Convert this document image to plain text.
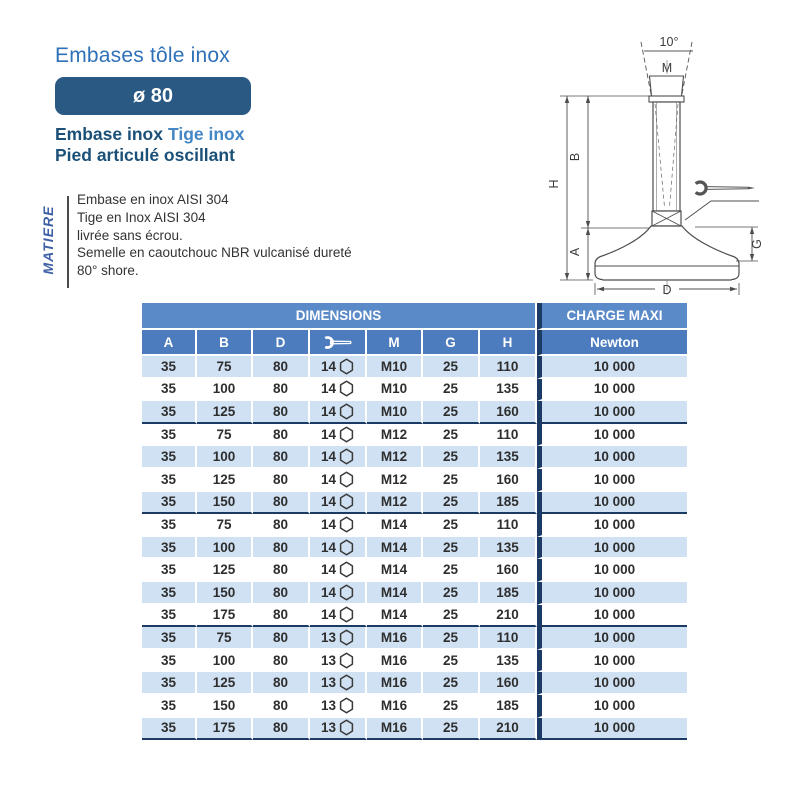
Embases tôle inox
ø 80
Embase inox Tige inox
Pied articulé oscillant
MATIERE
Embase en inox AISI 304
Tige en Inox AISI 304
livrée sans écrou.
Semelle en caoutchouc NBR vulcanisé dureté
80° shore.
10°
M
H
B
A
G
D
DIMENSIONS							CHARGE MAXI
A	B	D		M	G	H	Newton
35	75	80	14	M10	25	110	10 000
35	100	80	14	M10	25	135	10 000
35	125	80	14	M10	25	160	10 000
35	75	80	14	M12	25	110	10 000
35	100	80	14	M12	25	135	10 000
35	125	80	14	M12	25	160	10 000
35	150	80	14	M12	25	185	10 000
35	75	80	14	M14	25	110	10 000
35	100	80	14	M14	25	135	10 000
35	125	80	14	M14	25	160	10 000
35	150	80	14	M14	25	185	10 000
35	175	80	14	M14	25	210	10 000
35	75	80	13	M16	25	110	10 000
35	100	80	13	M16	25	135	10 000
35	125	80	13	M16	25	160	10 000
35	150	80	13	M16	25	185	10 000
35	175	80	13	M16	25	210	10 000
